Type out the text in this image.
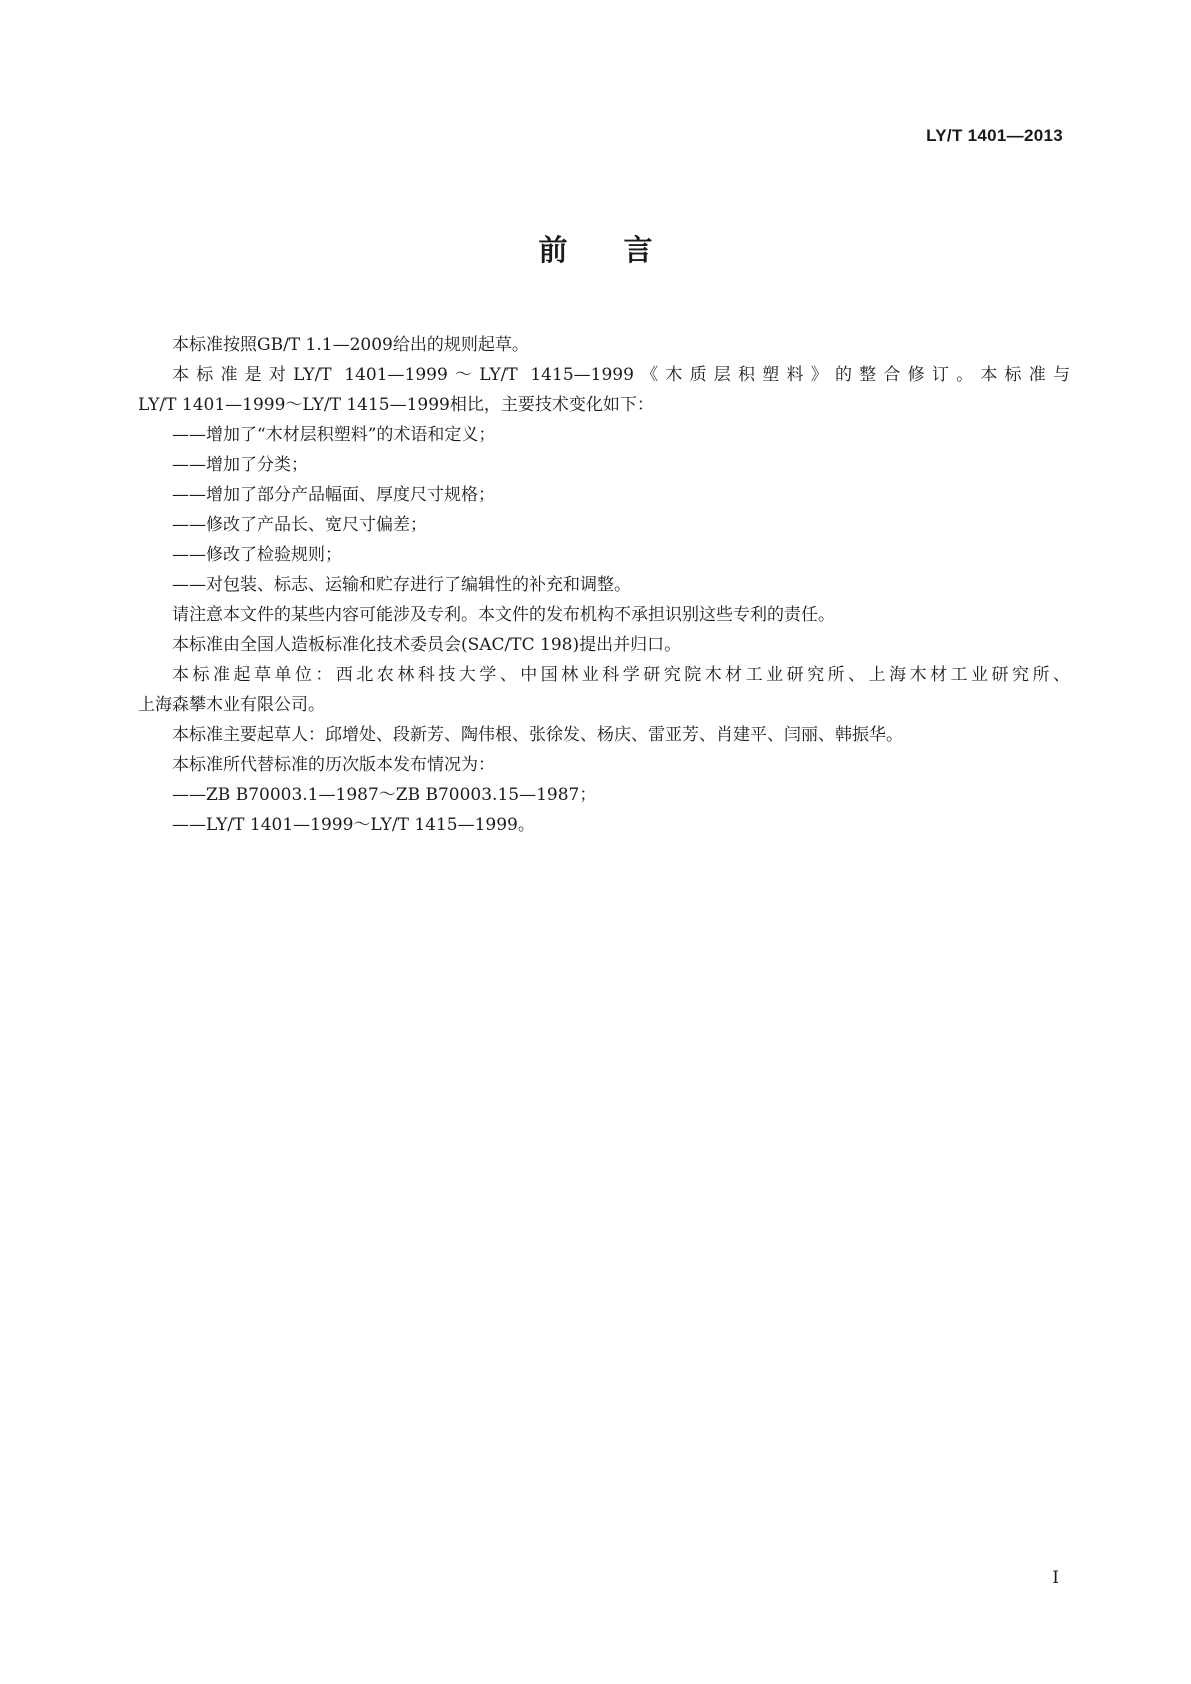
LY/T 1401—2013
前言

本标准按照GB/T 1.1—2009给出的规则起草。

本标准是对LY/T 1401—1999～LY/T 1415—1999《木质层积塑料》的整合修订。本标准与

LY/T 1401—1999～LY/T 1415—1999相比，主要技术变化如下：

——增加了“木材层积塑料”的术语和定义；

——增加了分类；

——增加了部分产品幅面、厚度尺寸规格；

——修改了产品长、宽尺寸偏差；

——修改了检验规则；

——对包装、标志、运输和贮存进行了编辑性的补充和调整。

请注意本文件的某些内容可能涉及专利。本文件的发布机构不承担识别这些专利的责任。

本标准由全国人造板标准化技术委员会(SAC/TC 198)提出并归口。

本标准起草单位：西北农林科技大学、中国林业科学研究院木材工业研究所、上海木材工业研究所、

上海森攀木业有限公司。

本标准主要起草人：邱增处、段新芳、陶伟根、张徐发、杨庆、雷亚芳、肖建平、闫丽、韩振华。

本标准所代替标准的历次版本发布情况为：

——ZB B70003.1—1987～ZB B70003.15—1987；

——LY/T 1401—1999～LY/T 1415—1999。

I
